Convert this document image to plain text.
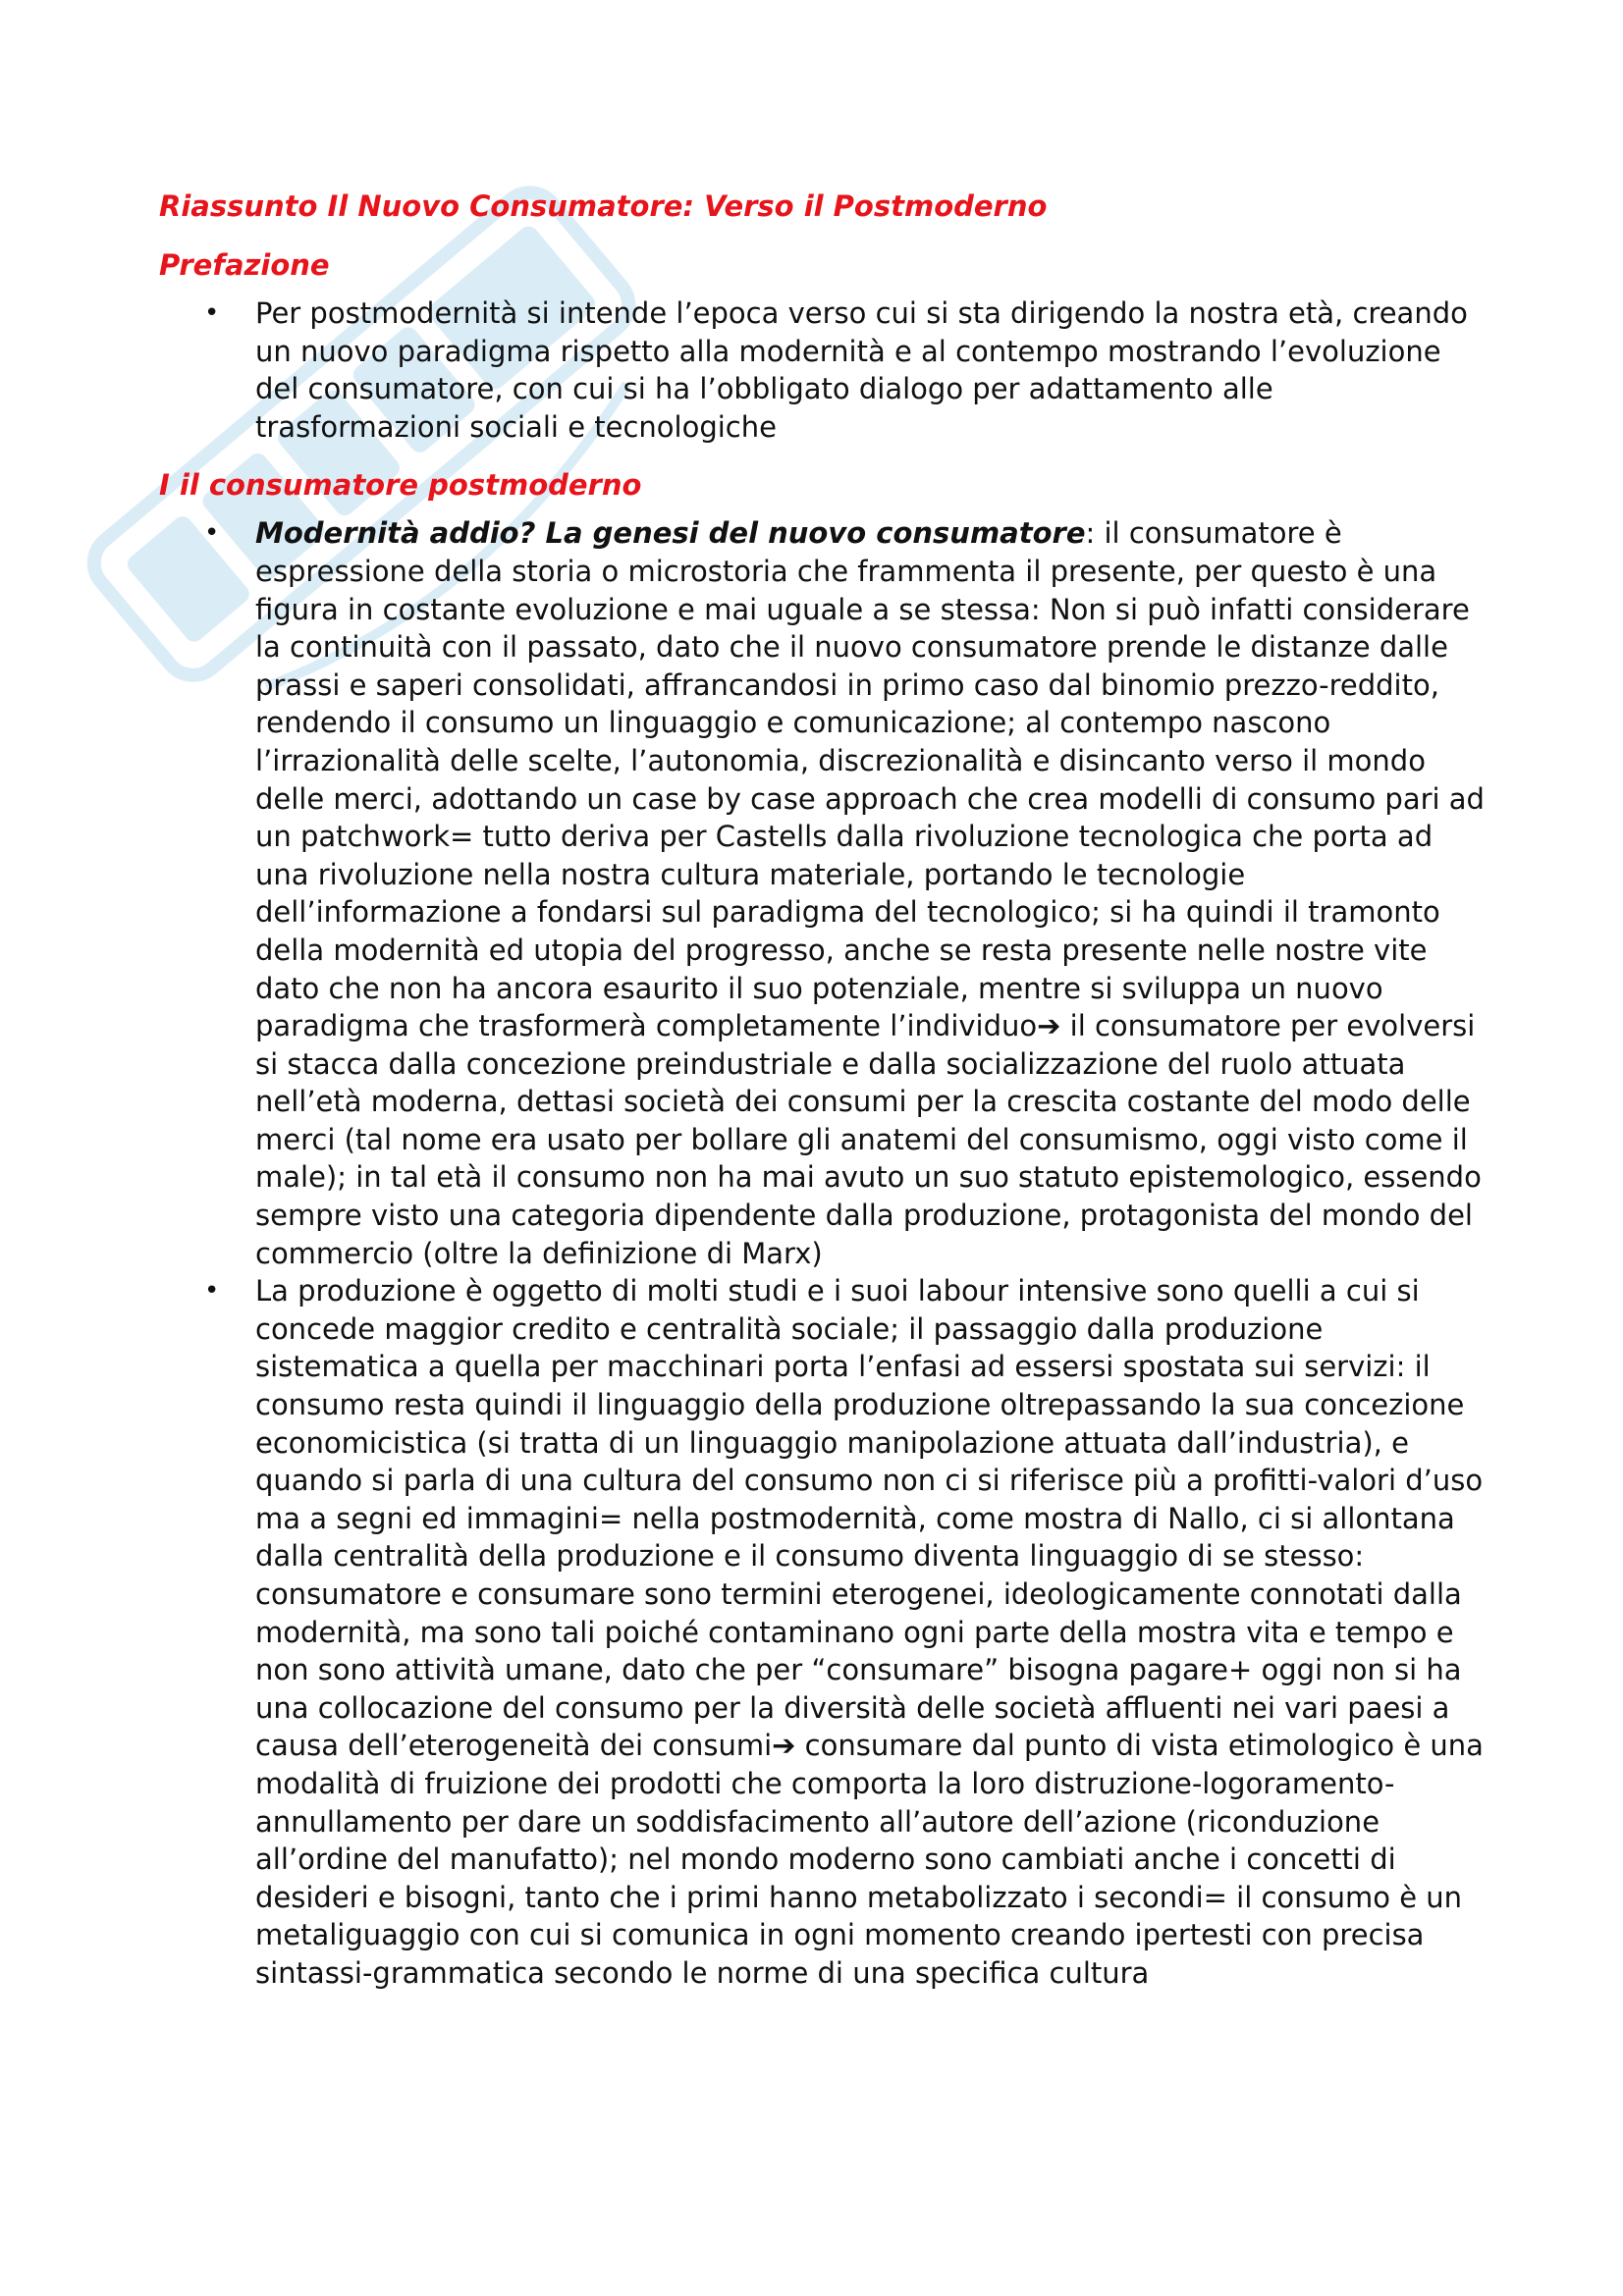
Riassunto Il Nuovo Consumatore: Verso il Postmoderno
Prefazione
• Per postmodernità si intende l’epoca verso cui si sta dirigendo la nostra età, creando un nuovo paradigma rispetto alla modernità e al contempo mostrando l’evoluzione del consumatore, con cui si ha l’obbligato dialogo per adattamento alle trasformazioni sociali e tecnologiche
I il consumatore postmoderno
• Modernità addio? La genesi del nuovo consumatore: il consumatore è espressione della storia o microstoria che frammenta il presente, per questo è una figura in costante evoluzione e mai uguale a se stessa: Non si può infatti considerare la continuità con il passato, dato che il nuovo consumatore prende le distanze dalle prassi e saperi consolidati, affrancandosi in primo caso dal binomio prezzo-reddito, rendendo il consumo un linguaggio e comunicazione; al contempo nascono l’irrazionalità delle scelte, l’autonomia, discrezionalità e disincanto verso il mondo delle merci, adottando un case by case approach che crea modelli di consumo pari ad un patchwork= tutto deriva per Castells dalla rivoluzione tecnologica che porta ad una rivoluzione nella nostra cultura materiale, portando le tecnologie dell’informazione a fondarsi sul paradigma del tecnologico; si ha quindi il tramonto della modernità ed utopia del progresso, anche se resta presente nelle nostre vite dato che non ha ancora esaurito il suo potenziale, mentre si sviluppa un nuovo paradigma che trasformerà completamente l’individuo➔ il consumatore per evolversi si stacca dalla concezione preindustriale e dalla socializzazione del ruolo attuata nell’età moderna, dettasi società dei consumi per la crescita costante del modo delle merci (tal nome era usato per bollare gli anatemi del consumismo, oggi visto come il male); in tal età il consumo non ha mai avuto un suo statuto epistemologico, essendo sempre visto una categoria dipendente dalla produzione, protagonista del mondo del commercio (oltre la definizione di Marx)
• La produzione è oggetto di molti studi e i suoi labour intensive sono quelli a cui si concede maggior credito e centralità sociale; il passaggio dalla produzione sistematica a quella per macchinari porta l’enfasi ad essersi spostata sui servizi: il consumo resta quindi il linguaggio della produzione oltrepassando la sua concezione economicistica (si tratta di un linguaggio manipolazione attuata dall’industria), e quando si parla di una cultura del consumo non ci si riferisce più a profitti-valori d’uso ma a segni ed immagini= nella postmodernità, come mostra di Nallo, ci si allontana dalla centralità della produzione e il consumo diventa linguaggio di se stesso: consumatore e consumare sono termini eterogenei, ideologicamente connotati dalla modernità, ma sono tali poiché contaminano ogni parte della mostra vita e tempo e non sono attività umane, dato che per “consumare” bisogna pagare+ oggi non si ha una collocazione del consumo per la diversità delle società affluenti nei vari paesi a causa dell’eterogeneità dei consumi➔ consumare dal punto di vista etimologico è una modalità di fruizione dei prodotti che comporta la loro distruzione-logoramento-annullamento per dare un soddisfacimento all’autore dell’azione (riconduzione all’ordine del manufatto); nel mondo moderno sono cambiati anche i concetti di desideri e bisogni, tanto che i primi hanno metabolizzato i secondi= il consumo è un metaliguaggio con cui si comunica in ogni momento creando ipertesti con precisa sintassi-grammatica secondo le norme di una specifica cultura
